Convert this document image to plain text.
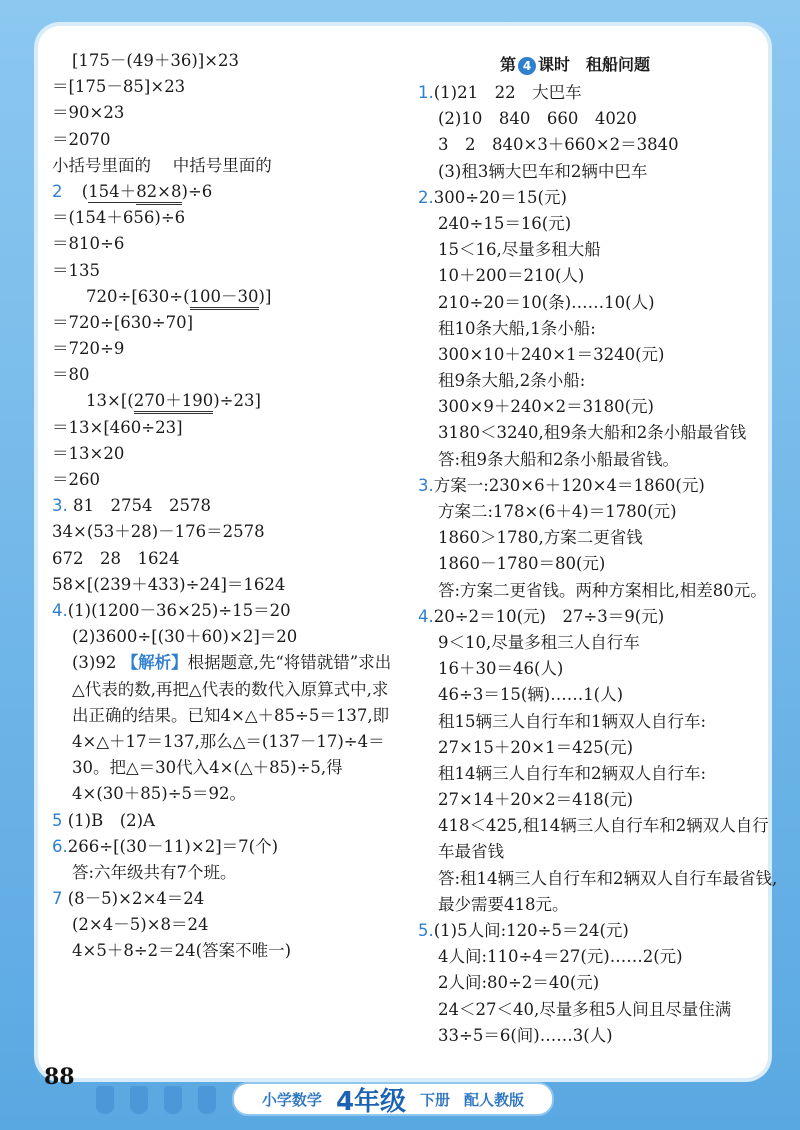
第 4 课时　租船问题
[175－(49＋36)]×23
＝[175－85]×23
＝90×23
＝2070
小括号里面的　 中括号里面的
2 (154＋82×8)÷6
＝(154＋656)÷6
＝810÷6
＝135
720÷[630÷(100－30)]
＝720÷[630÷70]
＝720÷9
＝80
13×[(270＋190)÷23]
＝13×[460÷23]
＝13×20
＝260
3. 81　2754　2578
34×(53＋28)－176＝2578
672　28　1624
58×[(239＋433)÷24]＝1624
4.(1)(1200－36×25)÷15＝20
(2)3600÷[(30＋60)×2]＝20
(3)92 【解析】根据题意,先“将错就错”求出△代表的数,再把△代表的数代入原算式中,求出正确的结果。已知4×△＋85÷5＝137,即4×△＋17＝137,那么△＝(137－17)÷4＝30。把△＝30代入4×(△＋85)÷5,得4×(30＋85)÷5＝92。
5 (1)B　(2)A
6.266÷[(30－11)×2]＝7(个)
答:六年级共有7个班。
7 (8－5)×2×4＝24
(2×4－5)×8＝24
4×5＋8÷2＝24(答案不唯一)
1.(1)21　22　大巴车
(2)10　840　660　4020
3　2　840×3＋660×2＝3840
(3)租3辆大巴车和2辆中巴车
2.300÷20＝15(元)
240÷15＝16(元)
15＜16,尽量多租大船
10＋200＝210(人)
210÷20＝10(条)……10(人)
租10条大船,1条小船:
300×10＋240×1＝3240(元)
租9条大船,2条小船:
300×9＋240×2＝3180(元)
3180＜3240,租9条大船和2条小船最省钱
答:租9条大船和2条小船最省钱。
3.方案一:230×6＋120×4＝1860(元)
方案二:178×(6＋4)＝1780(元)
1860＞1780,方案二更省钱
1860－1780＝80(元)
答:方案二更省钱。两种方案相比,相差80元。
4.20÷2＝10(元)　27÷3＝9(元)
9＜10,尽量多租三人自行车
16＋30＝46(人)
46÷3＝15(辆)……1(人)
租15辆三人自行车和1辆双人自行车:
27×15＋20×1＝425(元)
租14辆三人自行车和2辆双人自行车:
27×14＋20×2＝418(元)
418＜425,租14辆三人自行车和2辆双人自行车最省钱
答:租14辆三人自行车和2辆双人自行车最省钱,最少需要418元。
5.(1)5人间:120÷5＝24(元)
4人间:110÷4＝27(元)……2(元)
2人间:80÷2＝40(元)
24＜27＜40,尽量多租5人间且尽量住满
33÷5＝6(间)……3(人)
88
小学数学 4年级 下册 配人教版
